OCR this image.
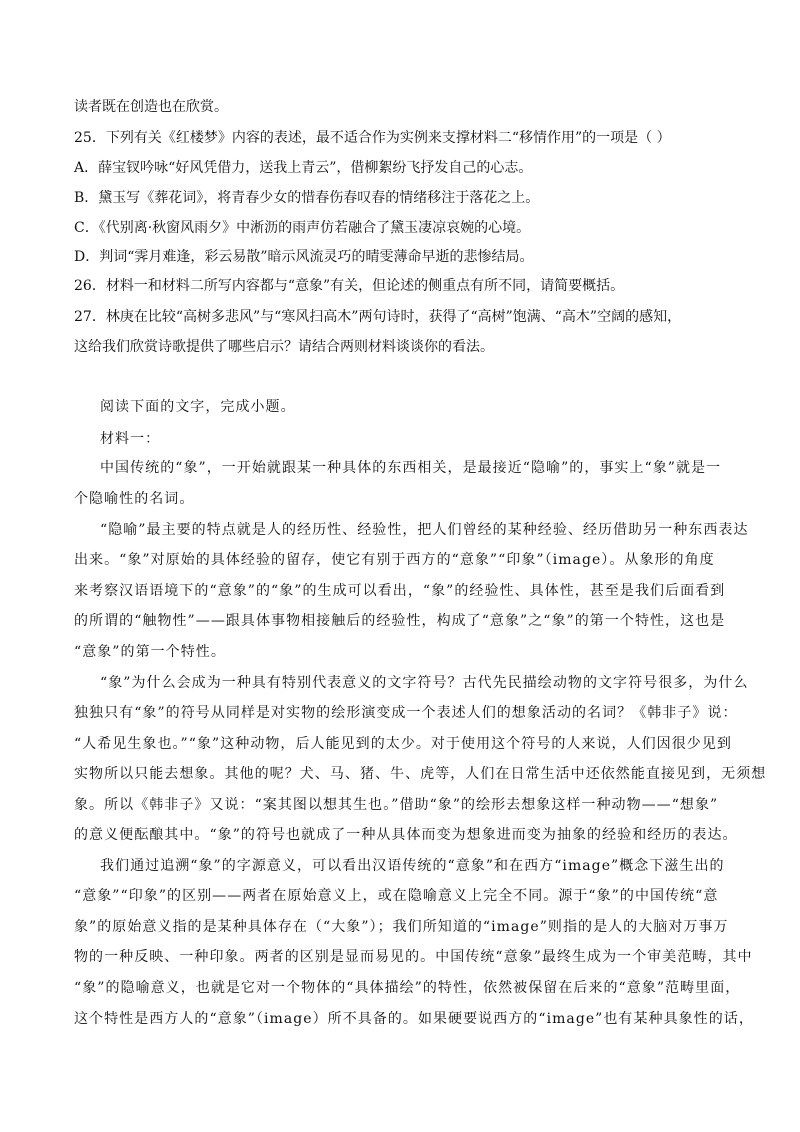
读者既在创造也在欣赏。
25．下列有关《红楼梦》内容的表述，最不适合作为实例来支撑材料二“移情作用”的一项是（ ）
A．薛宝钗吟咏“好风凭借力，送我上青云”，借柳絮纷飞抒发自己的心志。
B．黛玉写《葬花词》，将青春少女的惜春伤春叹春的情绪移注于落花之上。
C．《代别离·秋窗风雨夕》中淅沥的雨声仿若融合了黛玉凄凉哀婉的心境。
D．判词“霁月难逢，彩云易散”暗示风流灵巧的晴雯薄命早逝的悲惨结局。
26．材料一和材料二所写内容都与“意象”有关，但论述的侧重点有所不同，请简要概括。
27．林庚在比较“高树多悲风”与“寒风扫高木”两句诗时，获得了“高树”饱满、“高木”空阔的感知，
这给我们欣赏诗歌提供了哪些启示？请结合两则材料谈谈你的看法。
阅读下面的文字，完成小题。
材料一：
中国传统的“象”，一开始就跟某一种具体的东西相关，是最接近“隐喻”的，事实上“象”就是一
个隐喻性的名词。
“隐喻”最主要的特点就是人的经历性、经验性，把人们曾经的某种经验、经历借助另一种东西表达
出来。“象”对原始的具体经验的留存，使它有别于西方的“意象”“印象”（image）。从象形的角度
来考察汉语语境下的“意象”的“象”的生成可以看出，“象”的经验性、具体性，甚至是我们后面看到
的所谓的“触物性”——跟具体事物相接触后的经验性，构成了“意象”之“象”的第一个特性，这也是
“意象”的第一个特性。
“象”为什么会成为一种具有特别代表意义的文字符号？古代先民描绘动物的文字符号很多，为什么
独独只有“象”的符号从同样是对实物的绘形演变成一个表述人们的想象活动的名词？《韩非子》说：
“人希见生象也。”“象”这种动物，后人能见到的太少。对于使用这个符号的人来说，人们因很少见到
实物所以只能去想象。其他的呢？犬、马、猪、牛、虎等，人们在日常生活中还依然能直接见到，无须想
象。所以《韩非子》又说：“案其图以想其生也。”借助“象”的绘形去想象这样一种动物——“想象”
的意义便酝酿其中。“象”的符号也就成了一种从具体而变为想象进而变为抽象的经验和经历的表达。
我们通过追溯“象”的字源意义，可以看出汉语传统的“意象”和在西方“image”概念下滋生出的
“意象”“印象”的区别——两者在原始意义上，或在隐喻意义上完全不同。源于“象”的中国传统“意
象”的原始意义指的是某种具体存在（“大象”）；我们所知道的“image”则指的是人的大脑对万事万
物的一种反映、一种印象。两者的区别是显而易见的。中国传统“意象”最终生成为一个审美范畴，其中
“象”的隐喻意义，也就是它对一个物体的“具体描绘”的特性，依然被保留在后来的“意象”范畴里面，
这个特性是西方人的“意象”（image）所不具备的。如果硬要说西方的“image”也有某种具象性的话，
